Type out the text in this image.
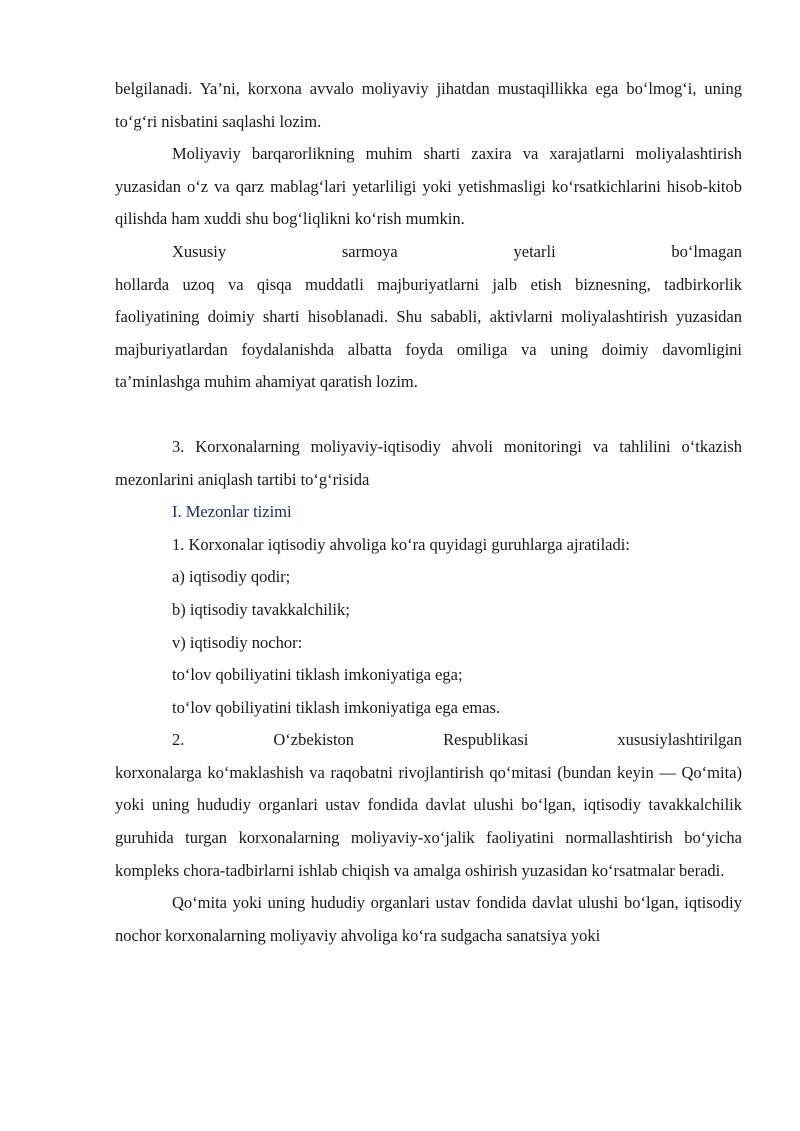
belgilanadi. Ya’ni, korxona avvalo moliyaviy jihatdan mustaqillikka ega bo‘lmog‘i, uning to‘g‘ri nisbatini saqlashi lozim.

Moliyaviy barqarorlikning muhim sharti zaxira va xarajatlarni moliyalashtirish yuzasidan o‘z va qarz mablag‘lari yetarliligi yoki yetishmasligi ko‘rsatkichlarini hisob-kitob qilishda ham xuddi shu bog‘liqlikni ko‘rish mumkin.

Xususiy sarmoya yetarli bo‘lmagan

hollarda uzoq va qisqa muddatli majburiyatlarni jalb etish biznesning, tadbirkorlik faoliyatining doimiy sharti hisoblanadi. Shu sababli, aktivlarni moliyalashtirish yuzasidan majburiyatlardan foydalanishda albatta foyda omiliga va uning doimiy davomligini ta’minlashga muhim ahamiyat qaratish lozim.

3. Korxonalarning moliyaviy-iqtisodiy ahvoli monitoringi va tahlilini o‘tkazish mezonlarini aniqlash tartibi to‘g‘risida

I. Mezonlar tizimi

1. Korxonalar iqtisodiy ahvoliga ko‘ra quyidagi guruhlarga ajratiladi:

a) iqtisodiy qodir;

b) iqtisodiy tavakkalchilik;

v) iqtisodiy nochor:

to‘lov qobiliyatini tiklash imkoniyatiga ega;

to‘lov qobiliyatini tiklash imkoniyatiga ega emas.

2. O‘zbekiston Respublikasi xususiylashtirilgan

korxonalarga ko‘maklashish va raqobatni rivojlantirish qo‘mitasi (bundan keyin — Qo‘mita) yoki uning hududiy organlari ustav fondida davlat ulushi bo‘lgan, iqtisodiy tavakkalchilik guruhida turgan korxonalarning moliyaviy-xo‘jalik faoliyatini normallashtirish bo‘yicha kompleks chora-tadbirlarni ishlab chiqish va amalga oshirish yuzasidan ko‘rsatmalar beradi.

Qo‘mita yoki uning hududiy organlari ustav fondida davlat ulushi bo‘lgan, iqtisodiy nochor korxonalarning moliyaviy ahvoliga ko‘ra sudgacha sanatsiya yoki
